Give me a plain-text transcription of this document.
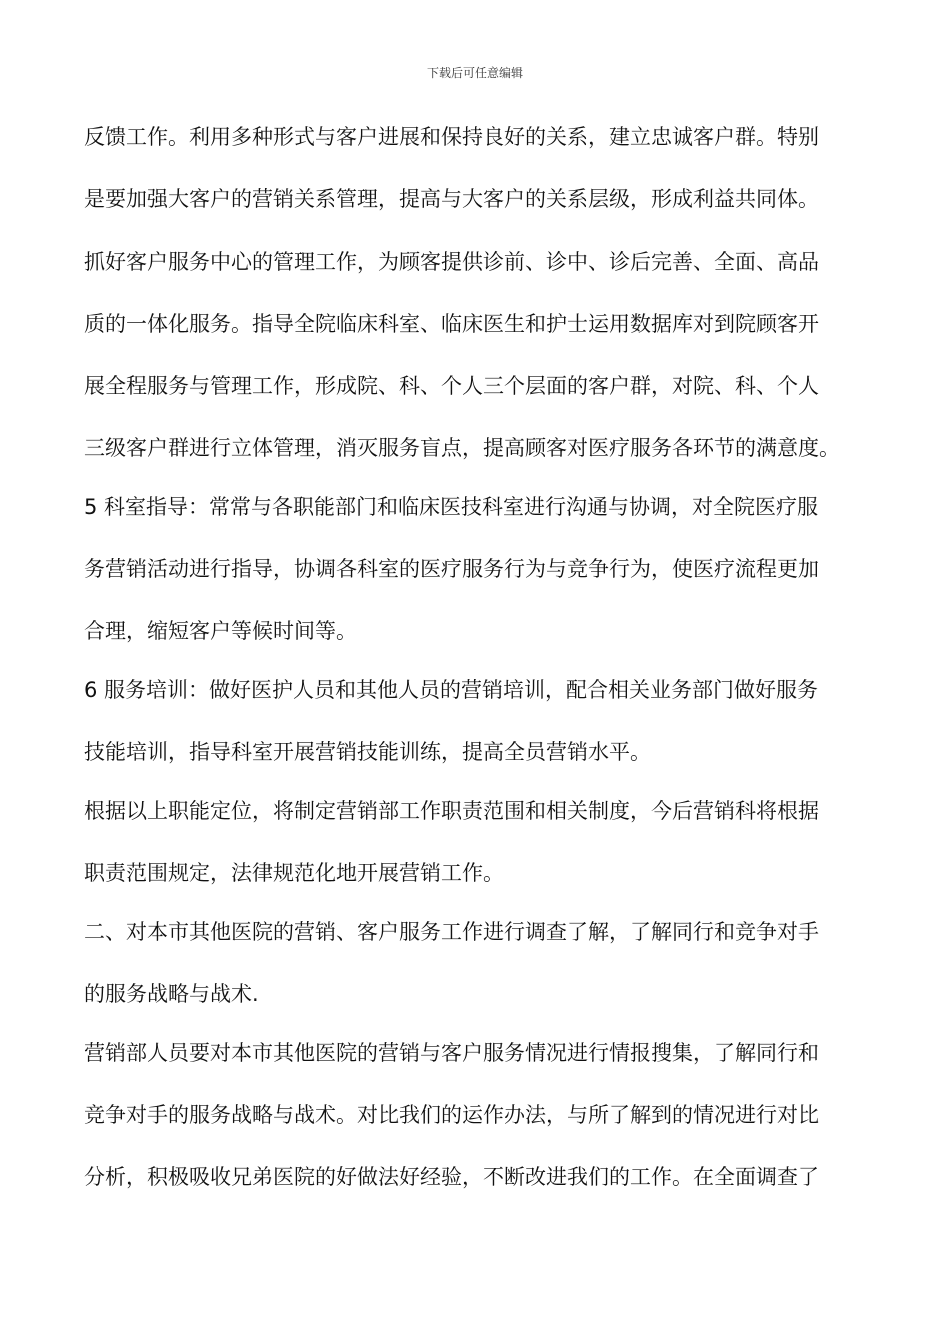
下载后可任意编辑
反馈工作。利用多种形式与客户进展和保持良好的关系，建立忠诚客户群。特别
是要加强大客户的营销关系管理，提高与大客户的关系层级，形成利益共同体。
抓好客户服务中心的管理工作，为顾客提供诊前、诊中、诊后完善、全面、高品
质的一体化服务。指导全院临床科室、临床医生和护士运用数据库对到院顾客开
展全程服务与管理工作，形成院、科、个人三个层面的客户群，对院、科、个人
三级客户群进行立体管理，消灭服务盲点，提高顾客对医疗服务各环节的满意度。
5 科室指导：常常与各职能部门和临床医技科室进行沟通与协调，对全院医疗服
务营销活动进行指导，协调各科室的医疗服务行为与竞争行为，使医疗流程更加
合理，缩短客户等候时间等。
6 服务培训：做好医护人员和其他人员的营销培训，配合相关业务部门做好服务
技能培训，指导科室开展营销技能训练，提高全员营销水平。
根据以上职能定位，将制定营销部工作职责范围和相关制度，今后营销科将根据
职责范围规定，法律规范化地开展营销工作。
二、对本市其他医院的营销、客户服务工作进行调查了解，了解同行和竞争对手
的服务战略与战术.
营销部人员要对本市其他医院的营销与客户服务情况进行情报搜集，了解同行和
竞争对手的服务战略与战术。对比我们的运作办法，与所了解到的情况进行对比
分析，积极吸收兄弟医院的好做法好经验，不断改进我们的工作。在全面调查了
